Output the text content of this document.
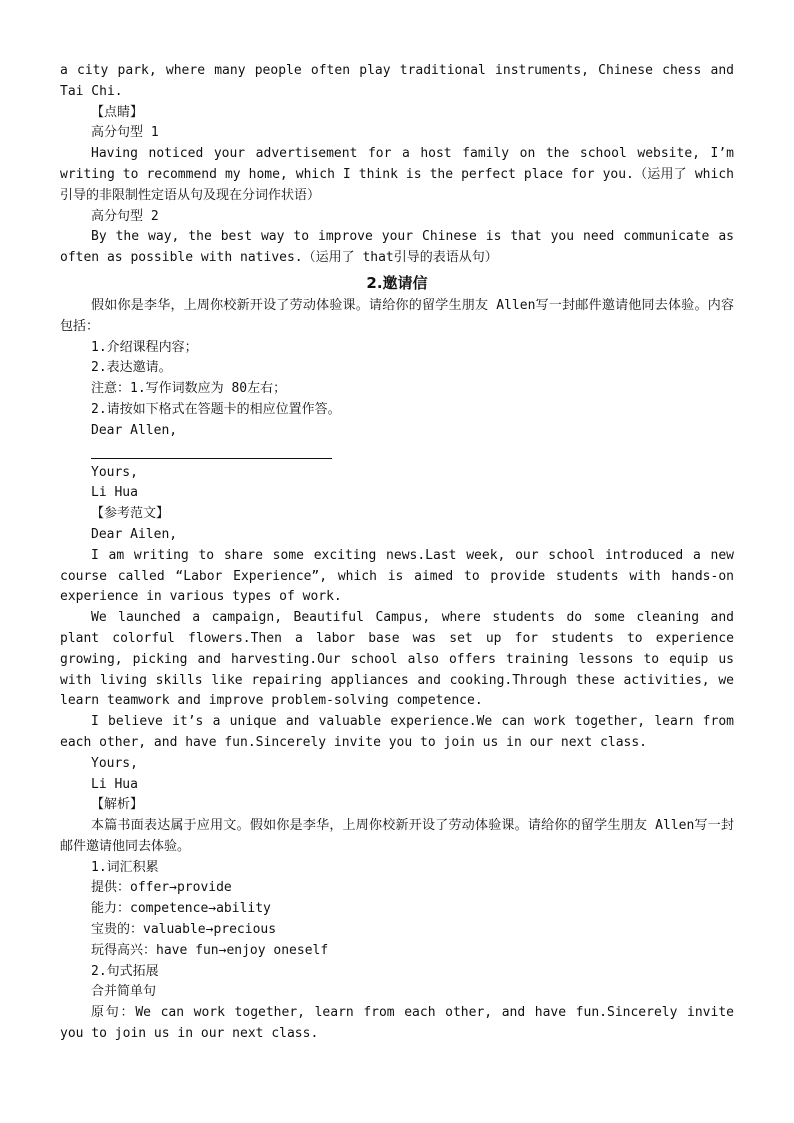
a city park, where many people often play traditional instruments, Chinese chess and Tai Chi.

【点睛】

高分句型 1

Having noticed your advertisement for a host family on the school website, I’m writing to recommend my home, which I think is the perfect place for you.（运用了 which引导的非限制性定语从句及现在分词作状语）

高分句型 2

By the way, the best way to improve your Chinese is that you need communicate as often as possible with natives.（运用了 that引导的表语从句）

2.邀请信

假如你是李华，上周你校新开设了劳动体验课。请给你的留学生朋友 Allen写一封邮件邀请他同去体验。内容包括：

1.介绍课程内容；

2.表达邀请。

注意：1.写作词数应为 80左右；

2.请按如下格式在答题卡的相应位置作答。

Dear Allen,

Yours,

Li Hua

【参考范文】

Dear Ailen,

I am writing to share some exciting news.Last week, our school introduced a new course called “Labor Experience”, which is aimed to provide students with hands-on experience in various types of work.

We launched a campaign, Beautiful Campus, where students do some cleaning and plant colorful flowers.Then a labor base was set up for students to experience growing, picking and harvesting.Our school also offers training lessons to equip us with living skills like repairing appliances and cooking.Through these activities, we learn teamwork and improve problem-solving competence.

I believe it’s a unique and valuable experience.We can work together, learn from each other, and have fun.Sincerely invite you to join us in our next class.

Yours,

Li Hua

【解析】

本篇书面表达属于应用文。假如你是李华，上周你校新开设了劳动体验课。请给你的留学生朋友 Allen写一封邮件邀请他同去体验。

1.词汇积累

提供：offer→provide

能力：competence→ability

宝贵的：valuable→precious

玩得高兴：have fun→enjoy oneself

2.句式拓展

合并简单句

原句：We can work together, learn from each other, and have fun.Sincerely invite you to join us in our next class.
